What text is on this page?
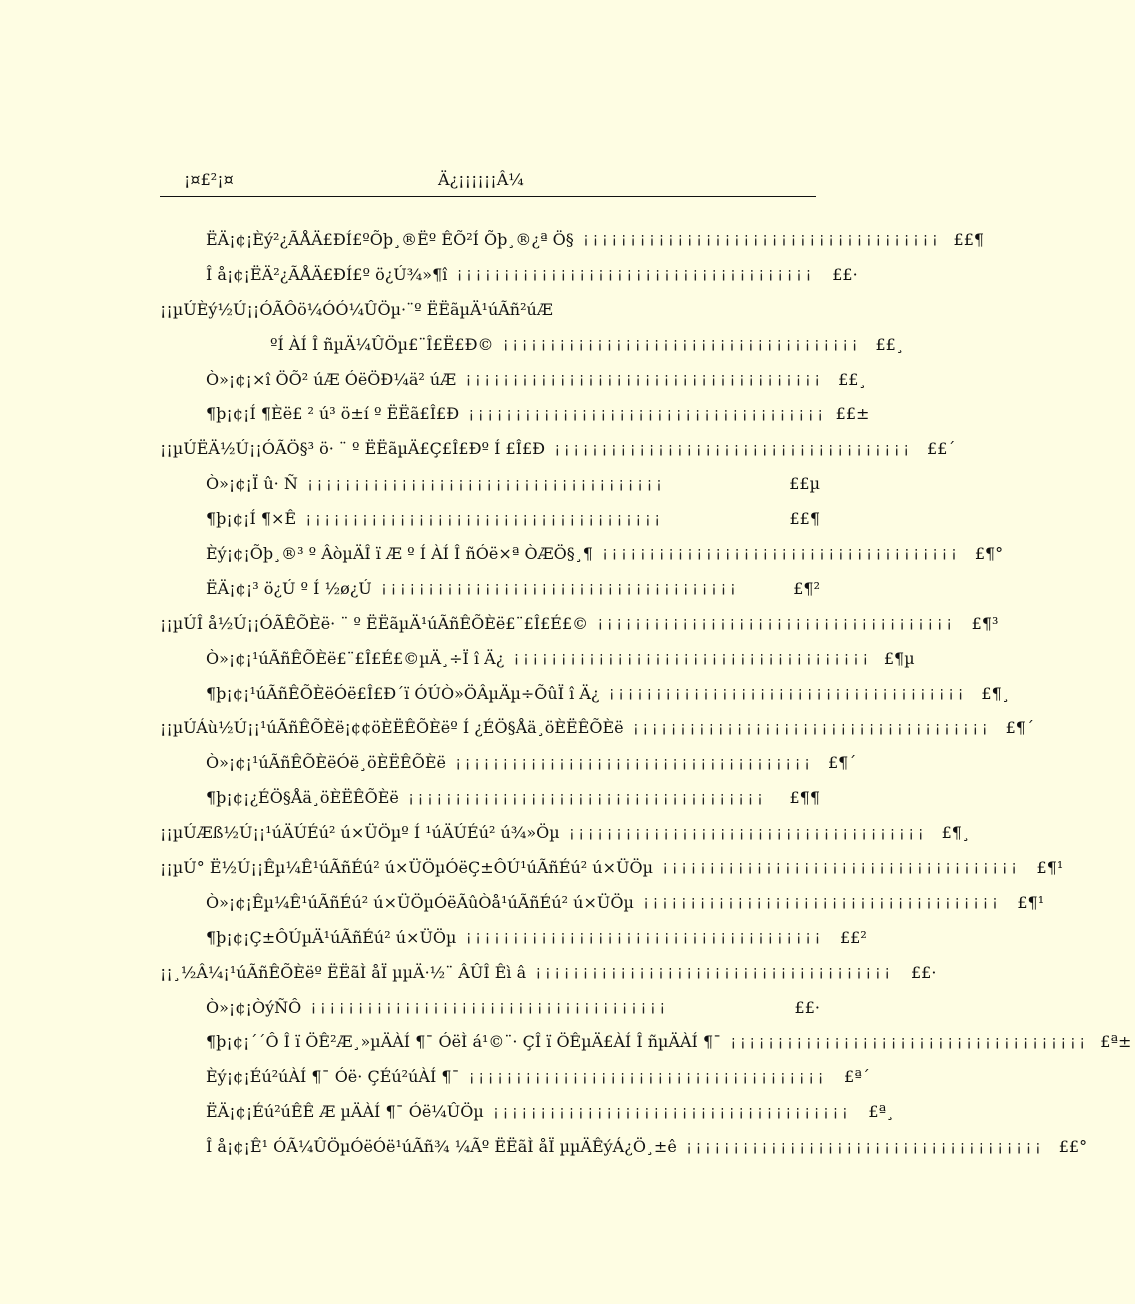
¡¤£²¡¤	Ä¿¡¡¡¡¡¡Â¼
ËÄ¡¢¡Èý²¿ÃÅÄ£ÐÍ£ºÕþ¸®Ëº ÊÕ²Í Õþ¸®¿ª Ö§ ¡¡¡¡¡¡¡¡¡¡¡¡¡¡¡¡¡¡¡¡¡¡¡¡¡¡¡¡¡¡¡¡¡¡¡¡¡¡ ££¶
Î å¡¢¡ËÄ²¿ÃÅÄ£ÐÍ£º ö¿Ú¾»¶î ¡¡¡¡¡¡¡¡¡¡¡¡¡¡¡¡¡¡¡¡¡¡¡¡¡¡¡¡¡¡¡¡¡¡¡¡¡¡	££·
¡¡µÚÈý½Ú¡¡ÓÃÔö¼ÓÓ¼ÛÖµ·¨º ËËãµÄ¹úÃñ²úÆ
ºÍ ÀÍ Î ñµÄ¼ÛÖµ£¨Î£Ë£Ð© ¡¡¡¡¡¡¡¡¡¡¡¡¡¡¡¡¡¡¡¡¡¡¡¡¡¡¡¡¡¡¡¡¡¡¡¡¡¡ ££¸
Ò»¡¢¡×î ÖÕ² úÆ ÓëÖÐ¼ä² úÆ ¡¡¡¡¡¡¡¡¡¡¡¡¡¡¡¡¡¡¡¡¡¡¡¡¡¡¡¡¡¡¡¡¡¡¡¡¡¡ ££¸
¶þ¡¢¡Í ¶Èë£ ² ú³ ö±í º ËËã£Î£Ð ¡¡¡¡¡¡¡¡¡¡¡¡¡¡¡¡¡¡¡¡¡¡¡¡¡¡¡¡¡¡¡¡¡¡¡¡¡¡ ££±
¡¡µÚËÄ½Ú¡¡ÓÃÖ§³ ö· ¨ º ËËãµÄ£Ç£Î£Ðº Í £Î£Ð ¡¡¡¡¡¡¡¡¡¡¡¡¡¡¡¡¡¡¡¡¡¡¡¡¡¡¡¡¡¡¡¡¡¡¡¡¡¡ ££´
Ò»¡¢¡Ï û· Ñ ¡¡¡¡¡¡¡¡¡¡¡¡¡¡¡¡¡¡¡¡¡¡¡¡¡¡¡¡¡¡¡¡¡¡¡¡¡¡	££µ
¶þ¡¢¡Í ¶×Ê ¡¡¡¡¡¡¡¡¡¡¡¡¡¡¡¡¡¡¡¡¡¡¡¡¡¡¡¡¡¡¡¡¡¡¡¡¡¡	££¶
Èý¡¢¡Õþ¸®³ º ÂòµÄÎ ï Æ º Í ÀÍ Î ñÓë×ª ÒÆÖ§¸¶ ¡¡¡¡¡¡¡¡¡¡¡¡¡¡¡¡¡¡¡¡¡¡¡¡¡¡¡¡¡¡¡¡¡¡¡¡¡¡ £¶°
ËÄ¡¢¡³ ö¿Ú º Í ½ø¿Ú ¡¡¡¡¡¡¡¡¡¡¡¡¡¡¡¡¡¡¡¡¡¡¡¡¡¡¡¡¡¡¡¡¡¡¡¡¡¡	£¶²
¡¡µÚÎ å½Ú¡¡ÓÃÊÕÈë· ¨ º ËËãµÄ¹úÃñÊÕÈë£¨£Î£É£© ¡¡¡¡¡¡¡¡¡¡¡¡¡¡¡¡¡¡¡¡¡¡¡¡¡¡¡¡¡¡¡¡¡¡¡¡¡¡	£¶³
Ò»¡¢¡¹úÃñÊÕÈë£¨£Î£É£©µÄ¸÷Ï î Ä¿ ¡¡¡¡¡¡¡¡¡¡¡¡¡¡¡¡¡¡¡¡¡¡¡¡¡¡¡¡¡¡¡¡¡¡¡¡¡¡ £¶µ
¶þ¡¢¡¹úÃñÊÕÈëÓë£Î£Ð´ï ÓÚÒ»ÖÂµÄµ÷ÕûÏ î Ä¿ ¡¡¡¡¡¡¡¡¡¡¡¡¡¡¡¡¡¡¡¡¡¡¡¡¡¡¡¡¡¡¡¡¡¡¡¡¡¡ £¶¸
¡¡µÚÁù½Ú¡¡¹úÃñÊÕÈë¡¢¢öÈËÊÕÈëº Í ¿ÉÖ§Åä¸öÈËÊÕÈë ¡¡¡¡¡¡¡¡¡¡¡¡¡¡¡¡¡¡¡¡¡¡¡¡¡¡¡¡¡¡¡¡¡¡¡¡¡¡ £¶´
Ò»¡¢¡¹úÃñÊÕÈëÓë¸öÈËÊÕÈë ¡¡¡¡¡¡¡¡¡¡¡¡¡¡¡¡¡¡¡¡¡¡¡¡¡¡¡¡¡¡¡¡¡¡¡¡¡¡ £¶´
¶þ¡¢¡¿ÉÖ§Åä¸öÈËÊÕÈë ¡¡¡¡¡¡¡¡¡¡¡¡¡¡¡¡¡¡¡¡¡¡¡¡¡¡¡¡¡¡¡¡¡¡¡¡¡¡	£¶¶
¡¡µÚÆß½Ú¡¡¹úÄÚÉú² ú×ÜÖµº Í ¹úÄÚÉú² ú¾»Öµ ¡¡¡¡¡¡¡¡¡¡¡¡¡¡¡¡¡¡¡¡¡¡¡¡¡¡¡¡¡¡¡¡¡¡¡¡¡¡ £¶¸
¡¡µÚ° Ë½Ú¡¡Êµ¼Ê¹úÃñÉú² ú×ÜÖµÓëÇ±ÔÚ¹úÃñÉú² ú×ÜÖµ ¡¡¡¡¡¡¡¡¡¡¡¡¡¡¡¡¡¡¡¡¡¡¡¡¡¡¡¡¡¡¡¡¡¡¡¡¡¡	£¶¹
Ò»¡¢¡Êµ¼Ê¹úÃñÉú² ú×ÜÖµÓëÃûÒå¹úÃñÉú² ú×ÜÖµ ¡¡¡¡¡¡¡¡¡¡¡¡¡¡¡¡¡¡¡¡¡¡¡¡¡¡¡¡¡¡¡¡¡¡¡¡¡¡	£¶¹
¶þ¡¢¡Ç±ÔÚµÄ¹úÃñÉú² ú×ÜÖµ ¡¡¡¡¡¡¡¡¡¡¡¡¡¡¡¡¡¡¡¡¡¡¡¡¡¡¡¡¡¡¡¡¡¡¡¡¡¡	££²
¡¡¸½Â¼¡¹úÃñÊÕÈëº ËËãÌ åÏ µµÄ·½¨ ÂÛÎ Êì â ¡¡¡¡¡¡¡¡¡¡¡¡¡¡¡¡¡¡¡¡¡¡¡¡¡¡¡¡¡¡¡¡¡¡¡¡¡¡	££·
Ò»¡¢¡ÒýÑÔ ¡¡¡¡¡¡¡¡¡¡¡¡¡¡¡¡¡¡¡¡¡¡¡¡¡¡¡¡¡¡¡¡¡¡¡¡¡¡	££·
¶þ¡¢¡´´Ô Î ï ÖÊ²Æ¸»µÄÀÍ ¶¯ ÓëÌ á¹©¨· ÇÎ ï ÖÊµÄ£ÀÍ Î ñµÄÀÍ ¶¯ ¡¡¡¡¡¡¡¡¡¡¡¡¡¡¡¡¡¡¡¡¡¡¡¡¡¡¡¡¡¡¡¡¡¡¡¡¡¡ £ª±
Èý¡¢¡Éú²úÀÍ ¶¯ Óë· ÇÉú²úÀÍ ¶¯ ¡¡¡¡¡¡¡¡¡¡¡¡¡¡¡¡¡¡¡¡¡¡¡¡¡¡¡¡¡¡¡¡¡¡¡¡¡¡	£ª´
ËÄ¡¢¡Éú²úÊÊ Æ µÄÀÍ ¶¯ Óë¼ÛÖµ ¡¡¡¡¡¡¡¡¡¡¡¡¡¡¡¡¡¡¡¡¡¡¡¡¡¡¡¡¡¡¡¡¡¡¡¡¡¡	£ª¸
Î å¡¢¡Ê¹ ÓÃ¼ÛÖµÓëÓë¹úÃñ¾ ¼Ãº ËËãÌ åÏ µµÄÊýÁ¿Ö¸±ê ¡¡¡¡¡¡¡¡¡¡¡¡¡¡¡¡¡¡¡¡¡¡¡¡¡¡¡¡¡¡¡¡¡¡¡¡¡¡ ££°
